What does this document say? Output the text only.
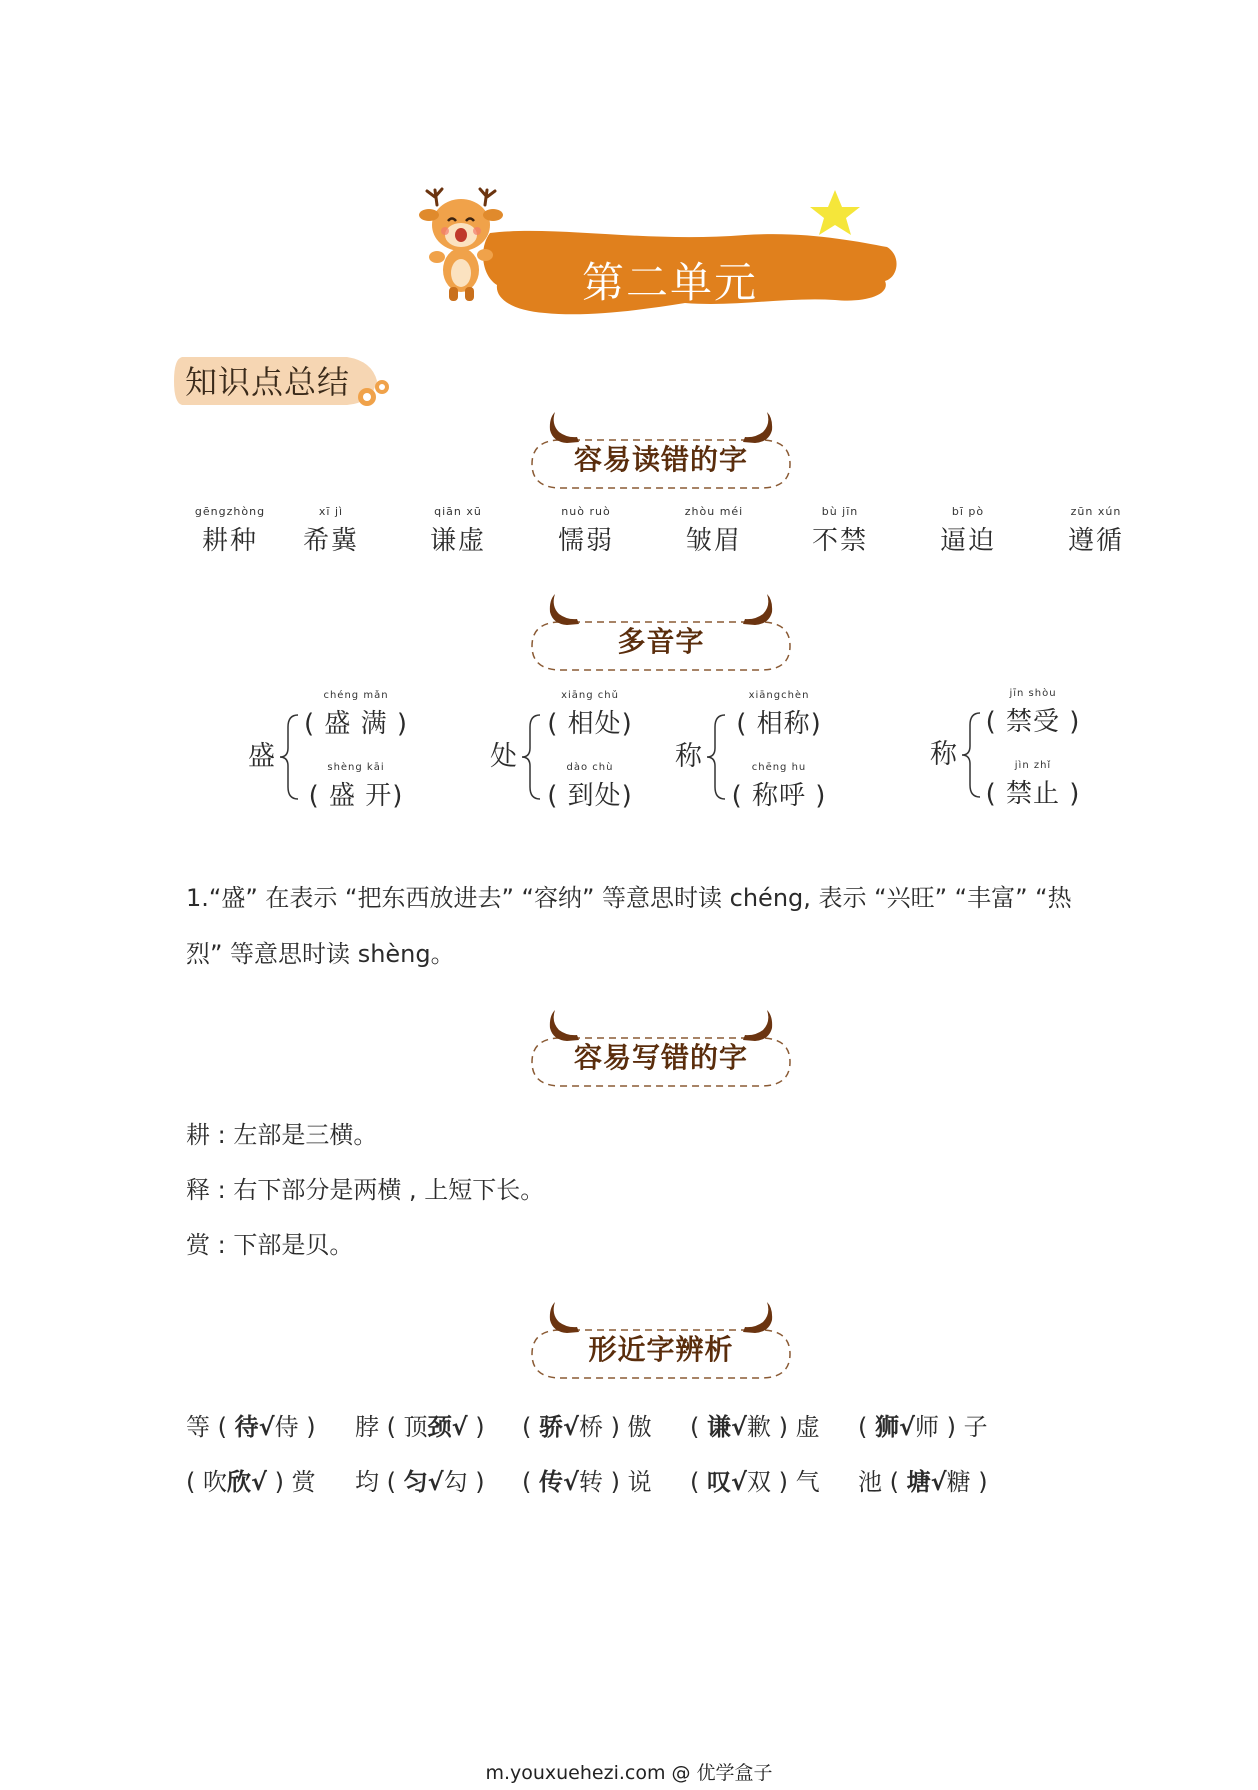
第二单元
知识点总结
容易读错的字
gēngzhòng
耕种
xī jì
希冀
qiān xū
谦虚
nuò ruò
懦弱
zhòu méi
皱眉
bù jīn
不禁
bī pò
逼迫
zūn xún
遵循
多音字
盛
chéng mǎn
( 盛 满 )
shèng kāi
( 盛 开)
处
xiāng chǔ
( 相处)
dào chù
( 到处)
称
xiāngchèn
( 相称)
chēng hu
( 称呼 )
称
jīn shòu
( 禁受 )
jìn zhǐ
( 禁止 )
1.“盛” 在表示 “把东西放进去” “容纳” 等意思时读 chéng, 表示 “兴旺” “丰富” “热
烈” 等意思时读 shèng。
容易写错的字
耕 : 左部是三横。
释 : 右下部分是两横 , 上短下长。
赏 : 下部是贝。
形近字辨析
等 ( 待√侍 ) 脖 ( 顶颈√ ) ( 骄√桥 ) 傲 ( 谦√歉 ) 虚 ( 狮√师 ) 子
( 吹欣√ ) 赏 均 ( 匀√勾 ) ( 传√转 ) 说 ( 叹√双 ) 气 池 ( 塘√糖 )
m.youxuehezi.com @ 优学盒子
